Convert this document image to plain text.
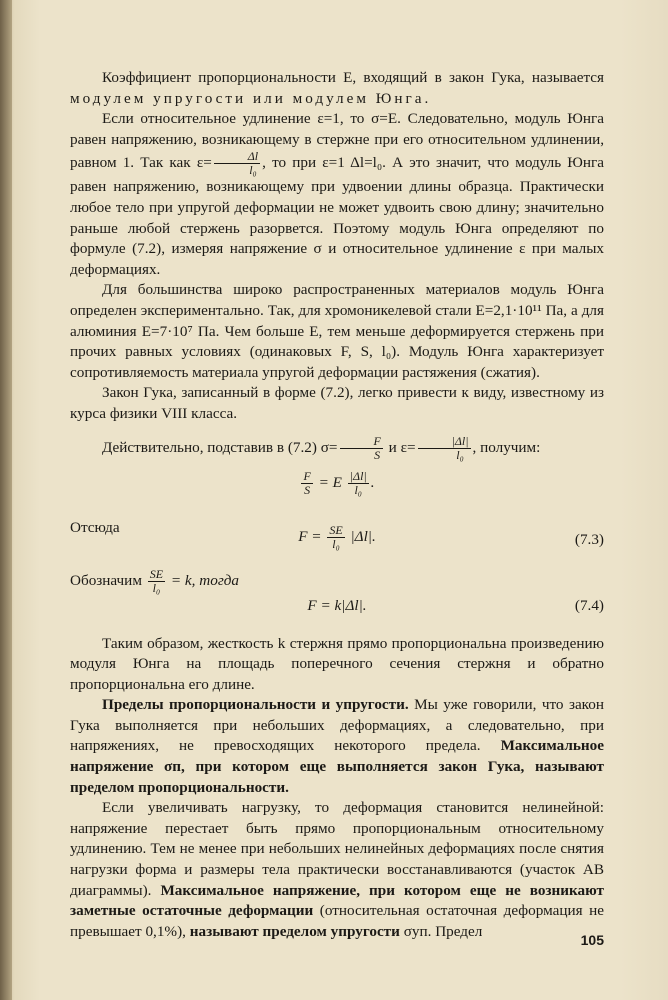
Коэффициент пропорциональности E, входящий в закон Гука, называется модулем упругости или модулем Юнга.

Если относительное удлинение ε=1, то σ=E. Следовательно, модуль Юнга равен напряжению, возникающему в стержне при его относительном удлинении, равном 1. Так как $\varepsilon= \frac{\Delta l}{\text{l₀}}$ , то при ε=1 Δl=l₀. А это значит, что модуль Юнга равен напряжению, возникающему при удвоении длины образца. Практически любое тело при упругой деформации не может удвоить свою длину; значительно раньше любой стержень разорвется. Поэтому модуль Юнга определяют по формуле (7.2), измеряя напряжение σ и относительное удлинение ε при малых деформациях.

Для большинства широко распространенных материалов модуль Юнга определен экспериментально. Так, для хромоникелевой стали E=2,1·10¹¹ Па, а для алюминия E=7·10⁷ Па. Чем больше E, тем меньше деформируется стержень при прочих равных условиях (одинаковых F, S, l₀). Модуль Юнга характеризует сопротивляемость материала упругой деформации растяжения (сжатия).

Закон Гука, записанный в форме (7.2), легко привести к виду, известному из курса физики VIII класса.

Действительно, подставив в (7.2) $\sigma= \frac{F}{S}$ и $\varepsilon= \frac{|\Delta l|}{\text{l₀}}$ , получим:

$\frac{F}{S} = E \frac{|\Delta l|}{\text{l₀}}$ .
Отсюда
$F = \frac{SE}{\text{l₀}} |\Delta l|$.	(7.3)
Обозначим $\frac{SE}{\text{l₀}} = k$, тогда
F = k|Δl|.	(7.4)

Таким образом, жесткость k стержня прямо пропорциональна произведению модуля Юнга на площадь поперечного сечения стержня и обратно пропорциональна его длине.

Пределы пропорциональности и упругости. Мы уже говорили, что закон Гука выполняется при небольших деформациях, а следовательно, при напряжениях, не превосходящих некоторого предела. Максимальное напряжение σп, при котором еще выполняется закон Гука, называют пределом пропорциональности.

Если увеличивать нагрузку, то деформация становится нелинейной: напряжение перестает быть прямо пропорциональным относительному удлинению. Тем не менее при небольших нелинейных деформациях после снятия нагрузки форма и размеры тела практически восстанавливаются (участок AB диаграммы). Максимальное напряжение, при котором еще не возникают заметные остаточные деформации (относительная остаточная деформация не превышает 0,1%), называют пределом упругости σуп. Предел

105
